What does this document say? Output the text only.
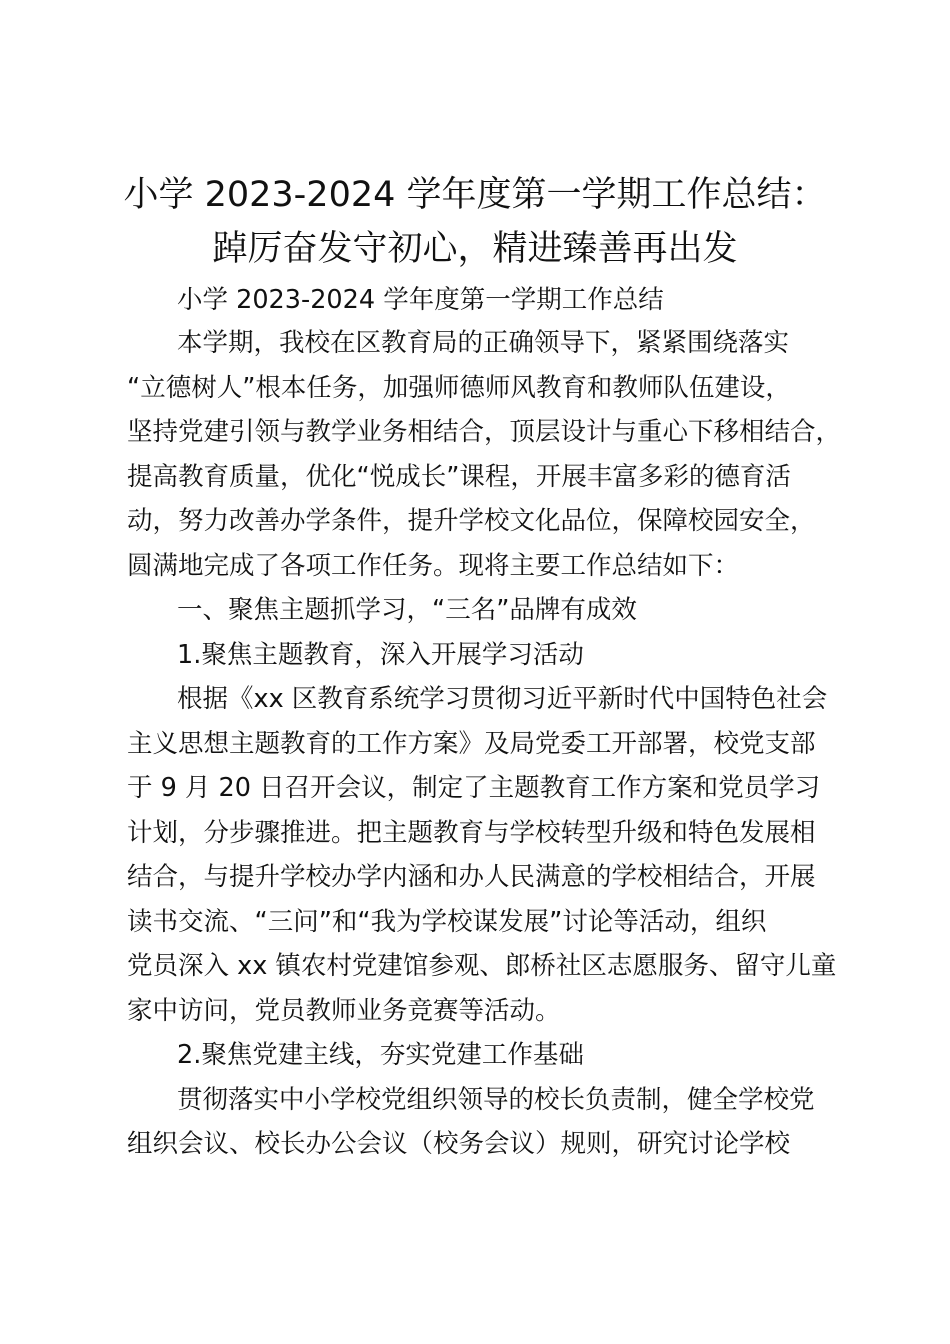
小学 2023-2024 学年度第一学期工作总结：
踔厉奋发守初心，精进臻善再出发

小学 2023-2024 学年度第一学期工作总结

本学期，我校在区教育局的正确领导下，紧紧围绕落实

“立德树人”根本任务，加强师德师风教育和教师队伍建设，

坚持党建引领与教学业务相结合，顶层设计与重心下移相结合，

提高教育质量，优化“悦成长”课程，开展丰富多彩的德育活

动，努力改善办学条件，提升学校文化品位，保障校园安全，

圆满地完成了各项工作任务。现将主要工作总结如下：

一、聚焦主题抓学习，“三名”品牌有成效

1.聚焦主题教育，深入开展学习活动

根据《xx 区教育系统学习贯彻习近平新时代中国特色社会

主义思想主题教育的工作方案》及局党委工开部署，校党支部

于 9 月 20 日召开会议，制定了主题教育工作方案和党员学习

计划，分步骤推进。把主题教育与学校转型升级和特色发展相

结合，与提升学校办学内涵和办人民满意的学校相结合，开展

读书交流、“三问”和“我为学校谋发展”讨论等活动，组织

党员深入 xx 镇农村党建馆参观、郎桥社区志愿服务、留守儿童

家中访问，党员教师业务竞赛等活动。

2.聚焦党建主线，夯实党建工作基础

贯彻落实中小学校党组织领导的校长负责制，健全学校党

组织会议、校长办公会议（校务会议）规则，研究讨论学校
